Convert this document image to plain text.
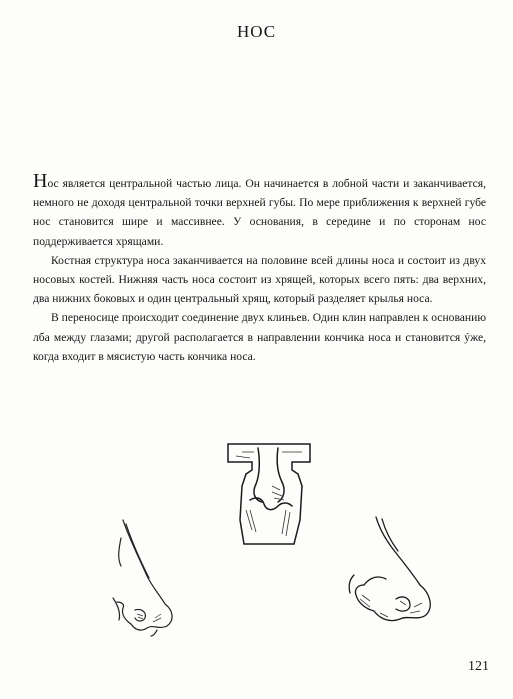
НОС

Нос является центральной частью лица. Он начинается в лобной части и заканчивается, немного не доходя центральной точки верхней губы. По мере приближения к верхней губе нос становится шире и массивнее. У основания, в середине и по сторонам нос поддерживается хрящами.

Костная структура носа заканчивается на половине всей длины носа и состоит из двух носовых костей. Нижняя часть носа состоит из хрящей, которых всего пять: два верхних, два нижних боковых и один центральный хрящ, который разделяет крылья носа.

В переносице происходит соединение двух клиньев. Один клин направлен к основанию лба между глазами; другой располагается в направлении кончика носа и становится ýже, когда входит в мясистую часть кончика носа.

121
